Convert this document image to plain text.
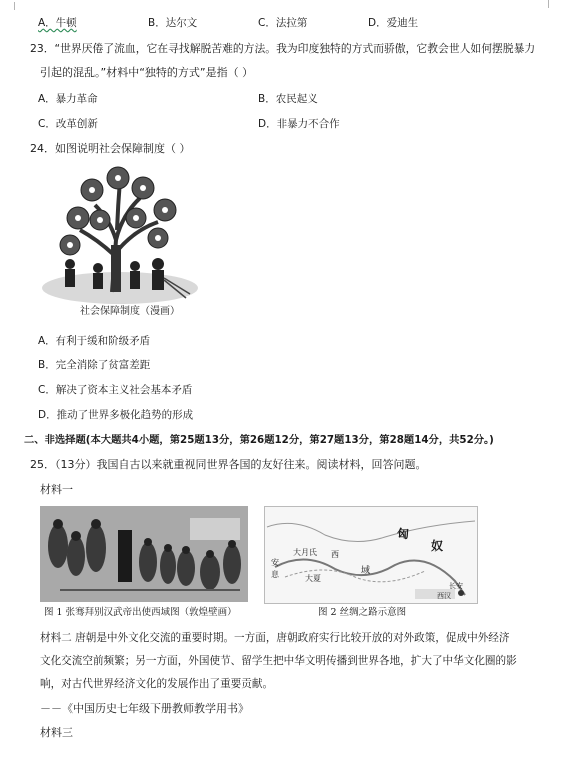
A．牛顿	B．达尔文	C．法拉第	D．爱迪生
23．“世界厌倦了流血，它在寻找解脱苦难的方法。我为印度独特的方式而骄傲，它教会世人如何摆脱暴力
引起的混乱。”材料中“独特的方式”是指（ ）
A．暴力革命	B．农民起义
C．改革创新	D．非暴力不合作
24．如图说明社会保障制度（ ）
社会保障制度（漫画）
A．有利于缓和阶级矛盾
B．完全消除了贫富差距
C．解决了资本主义社会基本矛盾
D．推动了世界多极化趋势的形成
二、非选择题(本大题共4小题，第25题13分，第26题12分，第27题13分，第28题14分，共52分。)
25．（13分）我国自古以来就重视同世界各国的友好往来。阅读材料，回答问题。
材料一
匈
奴
大月氏 西
域
安
息	大夏
长安
西汉
图 1 张骞拜别汉武帝出使西域图（敦煌壁画）	图 2 丝绸之路示意图
材料二 唐朝是中外文化交流的重要时期。一方面，唐朝政府实行比较开放的对外政策，促成中外经济
文化交流空前频繁；另一方面，外国使节、留学生把中华文明传播到世界各地，扩大了中华文化圈的影
响，对古代世界经济文化的发展作出了重要贡献。
－－《中国历史七年级下册教师教学用书》
材料三
